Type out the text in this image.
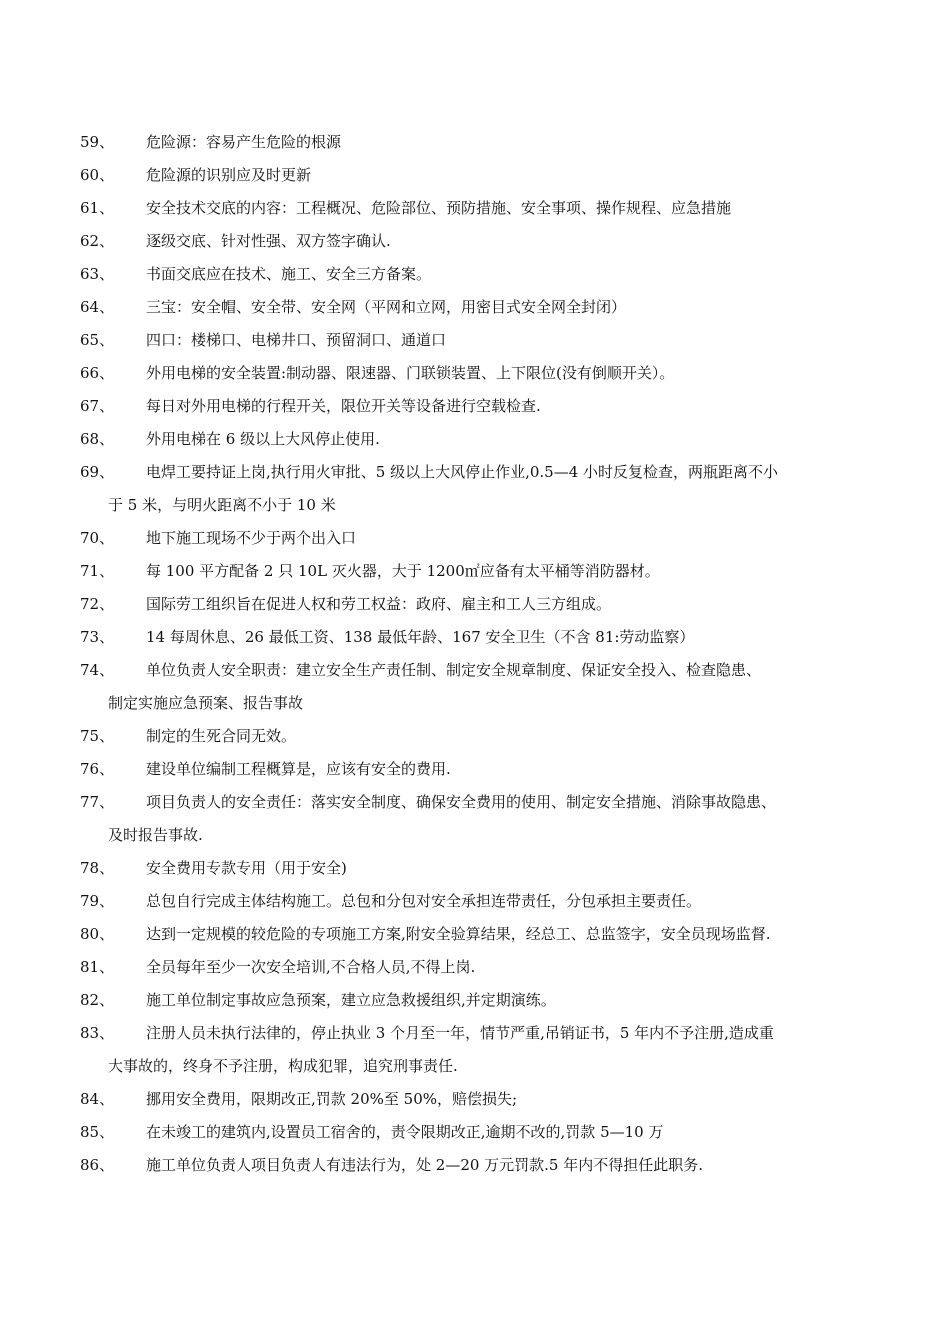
59、	危险源：容易产生危险的根源
60、	危险源的识别应及时更新
61、	安全技术交底的内容：工程概况、危险部位、预防措施、安全事项、操作规程、应急措施
62、	逐级交底、针对性强、双方签字确认.
63、	书面交底应在技术、施工、安全三方备案。
64、	三宝：安全帽、安全带、安全网（平网和立网，用密目式安全网全封闭）
65、	四口：楼梯口、电梯井口、预留洞口、通道口
66、	外用电梯的安全装置:制动器、限速器、门联锁装置、上下限位(没有倒顺开关）。
67、	每日对外用电梯的行程开关，限位开关等设备进行空载检查.
68、	外用电梯在 6 级以上大风停止使用.
69、	电焊工要持证上岗,执行用火审批、5 级以上大风停止作业,0.5—4 小时反复检查，两瓶距离不小
于 5 米，与明火距离不小于 10 米
70、	地下施工现场不少于两个出入口
71、	每 100 平方配备 2 只 10L 灭火器，大于 1200㎡应备有太平桶等消防器材。
72、	国际劳工组织旨在促进人权和劳工权益：政府、雇主和工人三方组成。
73、	14 每周休息、26 最低工资、138 最低年龄、167 安全卫生（不含 81:劳动监察）
74、	单位负责人安全职责：建立安全生产责任制、制定安全规章制度、保证安全投入、检查隐患、
制定实施应急预案、报告事故
75、	制定的生死合同无效。
76、	建设单位编制工程概算是，应该有安全的费用.
77、	项目负责人的安全责任：落实安全制度、确保安全费用的使用、制定安全措施、消除事故隐患、
及时报告事故.
78、	安全费用专款专用（用于安全)
79、	总包自行完成主体结构施工。总包和分包对安全承担连带责任，分包承担主要责任。
80、	达到一定规模的较危险的专项施工方案,附安全验算结果，经总工、总监签字，安全员现场监督.
81、	全员每年至少一次安全培训,不合格人员,不得上岗.
82、	施工单位制定事故应急预案，建立应急救援组织,并定期演练。
83、	注册人员未执行法律的，停止执业 3 个月至一年，情节严重,吊销证书，5 年内不予注册,造成重
大事故的，终身不予注册，构成犯罪，追究刑事责任.
84、	挪用安全费用，限期改正,罚款 20%至 50%，赔偿损失;
85、	在未竣工的建筑内,设置员工宿舍的，责令限期改正,逾期不改的,罚款 5—10 万
86、	施工单位负责人项目负责人有违法行为，处 2—20 万元罚款.5 年内不得担任此职务.
